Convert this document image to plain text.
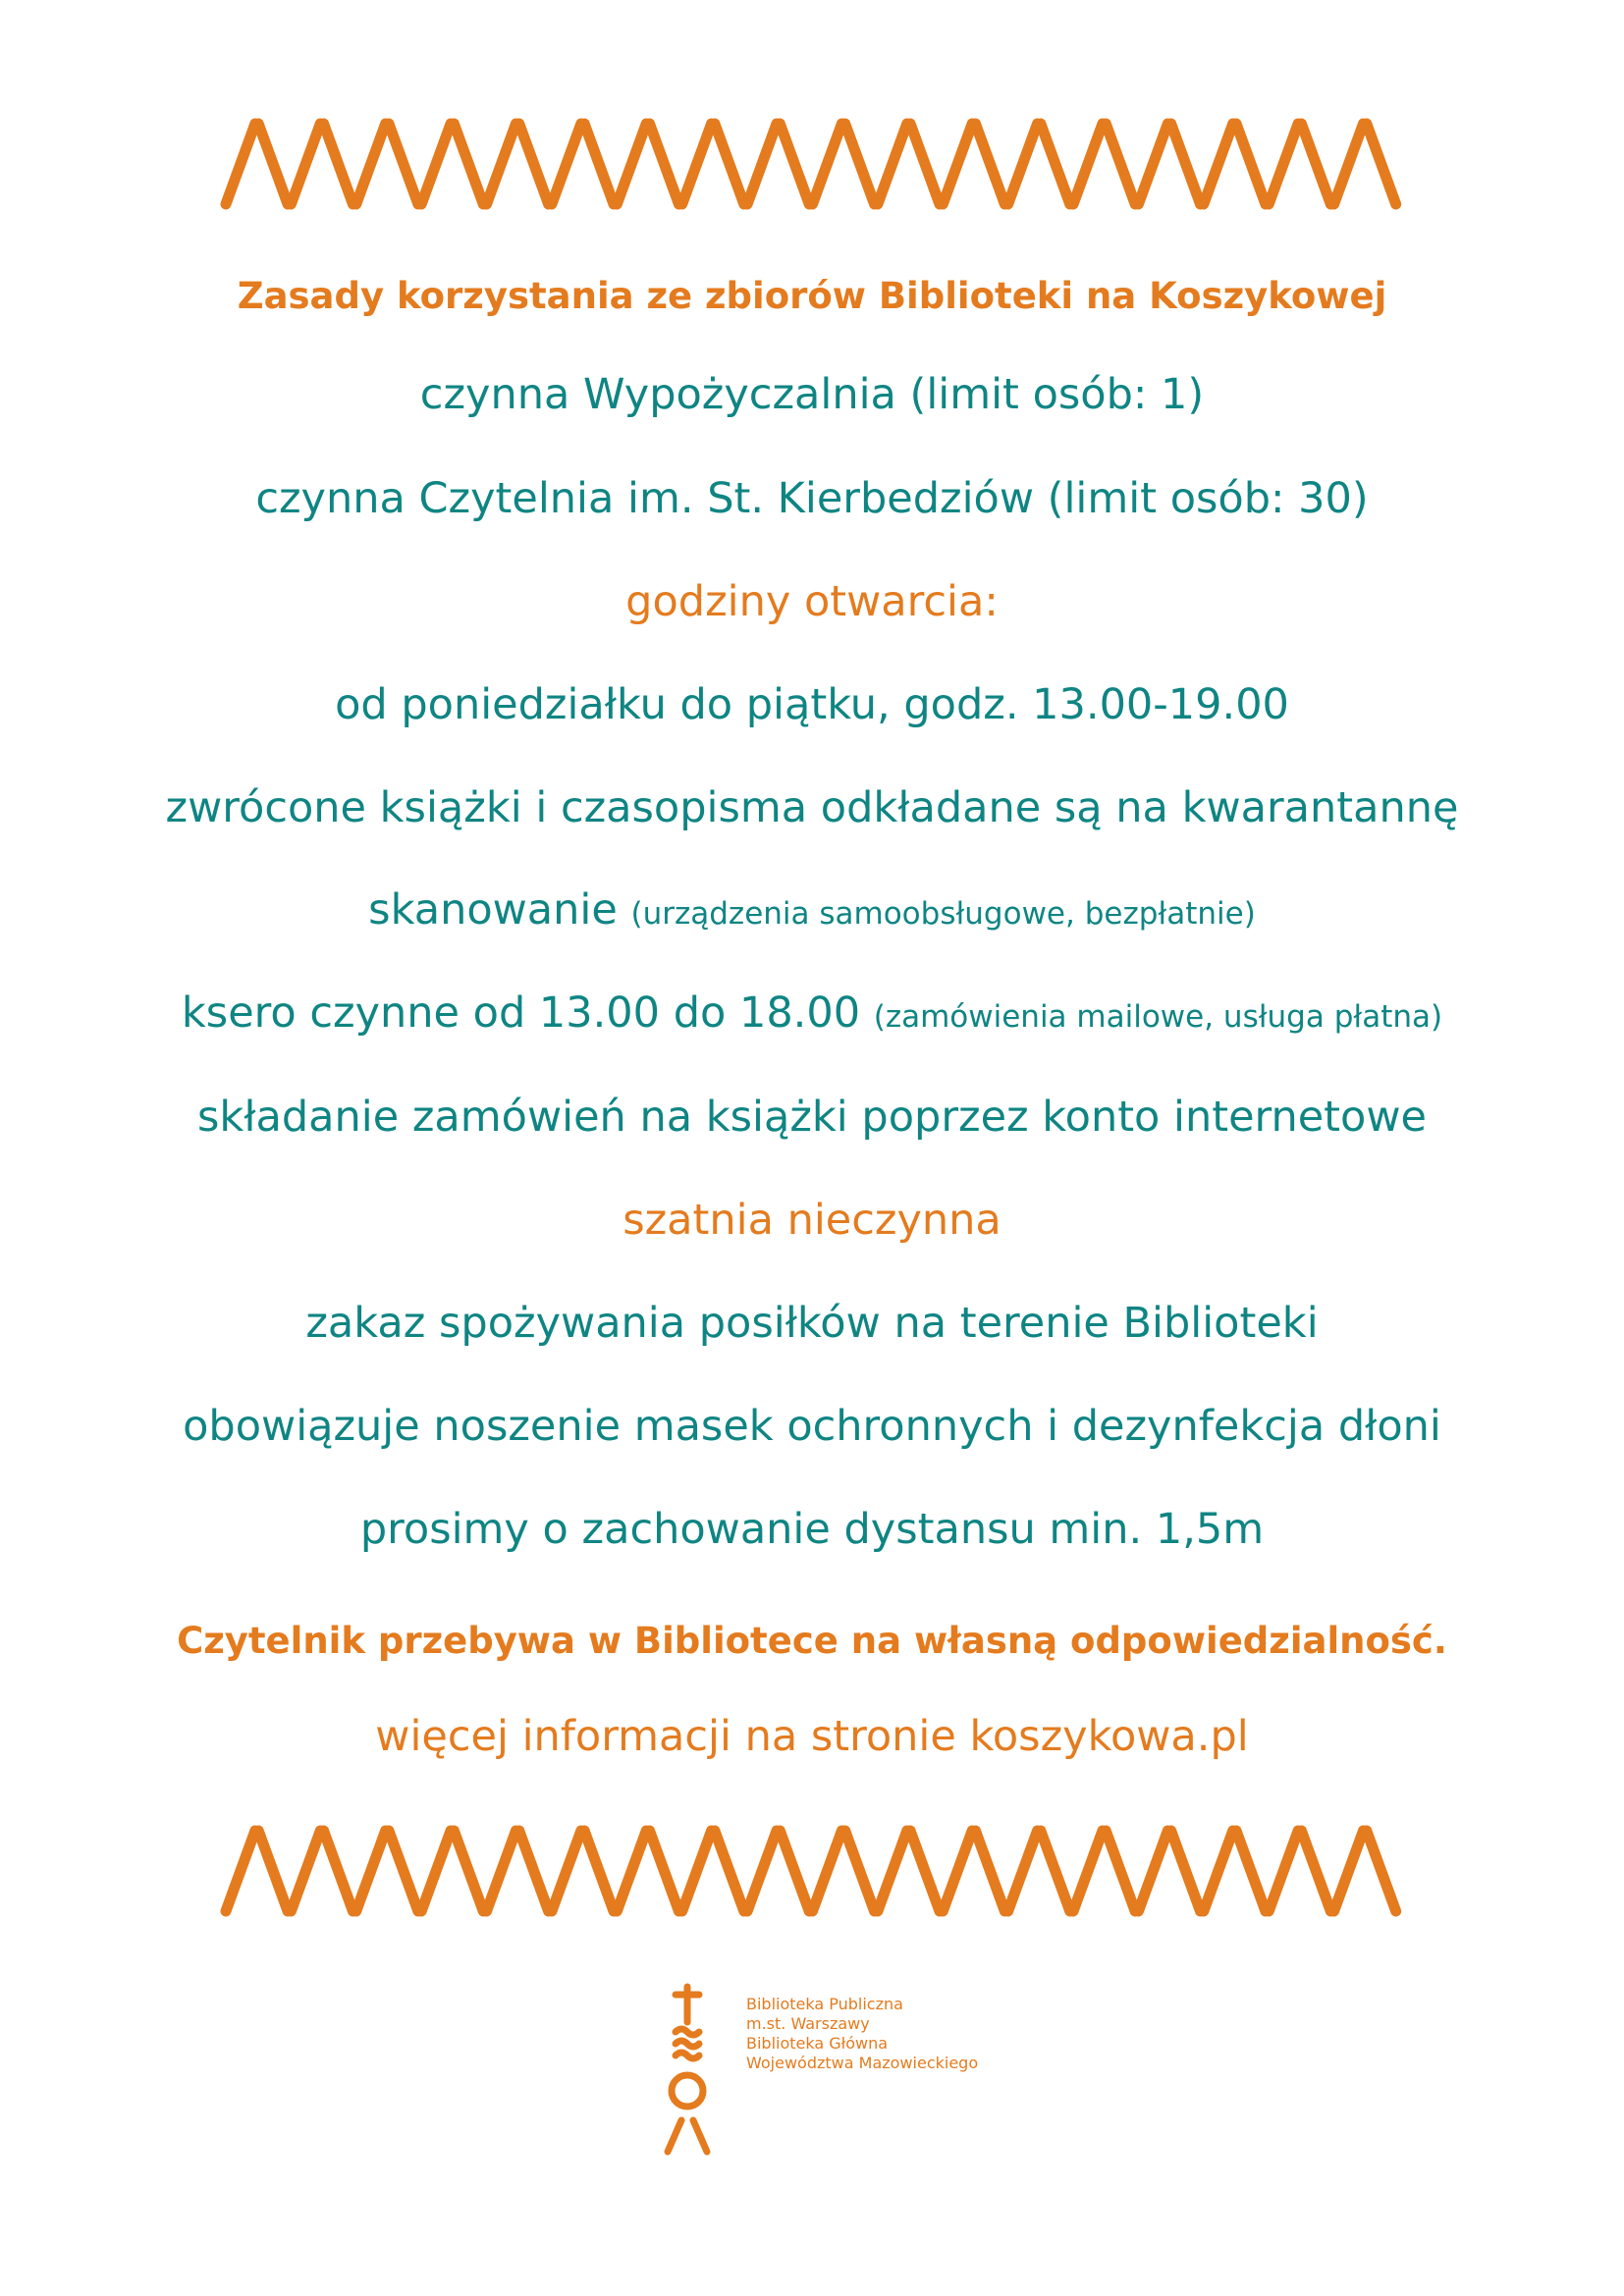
Zasady korzystania ze zbiorów Biblioteki na Koszykowej
czynna Wypożyczalnia (limit osób: 1)
czynna Czytelnia im. St. Kierbedziów (limit osób: 30)
godziny otwarcia:
od poniedziałku do piątku, godz. 13.00-19.00
zwrócone książki i czasopisma odkładane są na kwarantannę
skanowanie (urządzenia samoobsługowe, bezpłatnie)
ksero czynne od 13.00 do 18.00 (zamówienia mailowe, usługa płatna)
składanie zamówień na książki poprzez konto internetowe
szatnia nieczynna
zakaz spożywania posiłków na terenie Biblioteki
obowiązuje noszenie masek ochronnych i dezynfekcja dłoni
prosimy o zachowanie dystansu min. 1,5m
Czytelnik przebywa w Bibliotece na własną odpowiedzialność.
więcej informacji na stronie koszykowa.pl
Biblioteka Publiczna
m.st. Warszawy
Biblioteka Główna
Województwa Mazowieckiego
